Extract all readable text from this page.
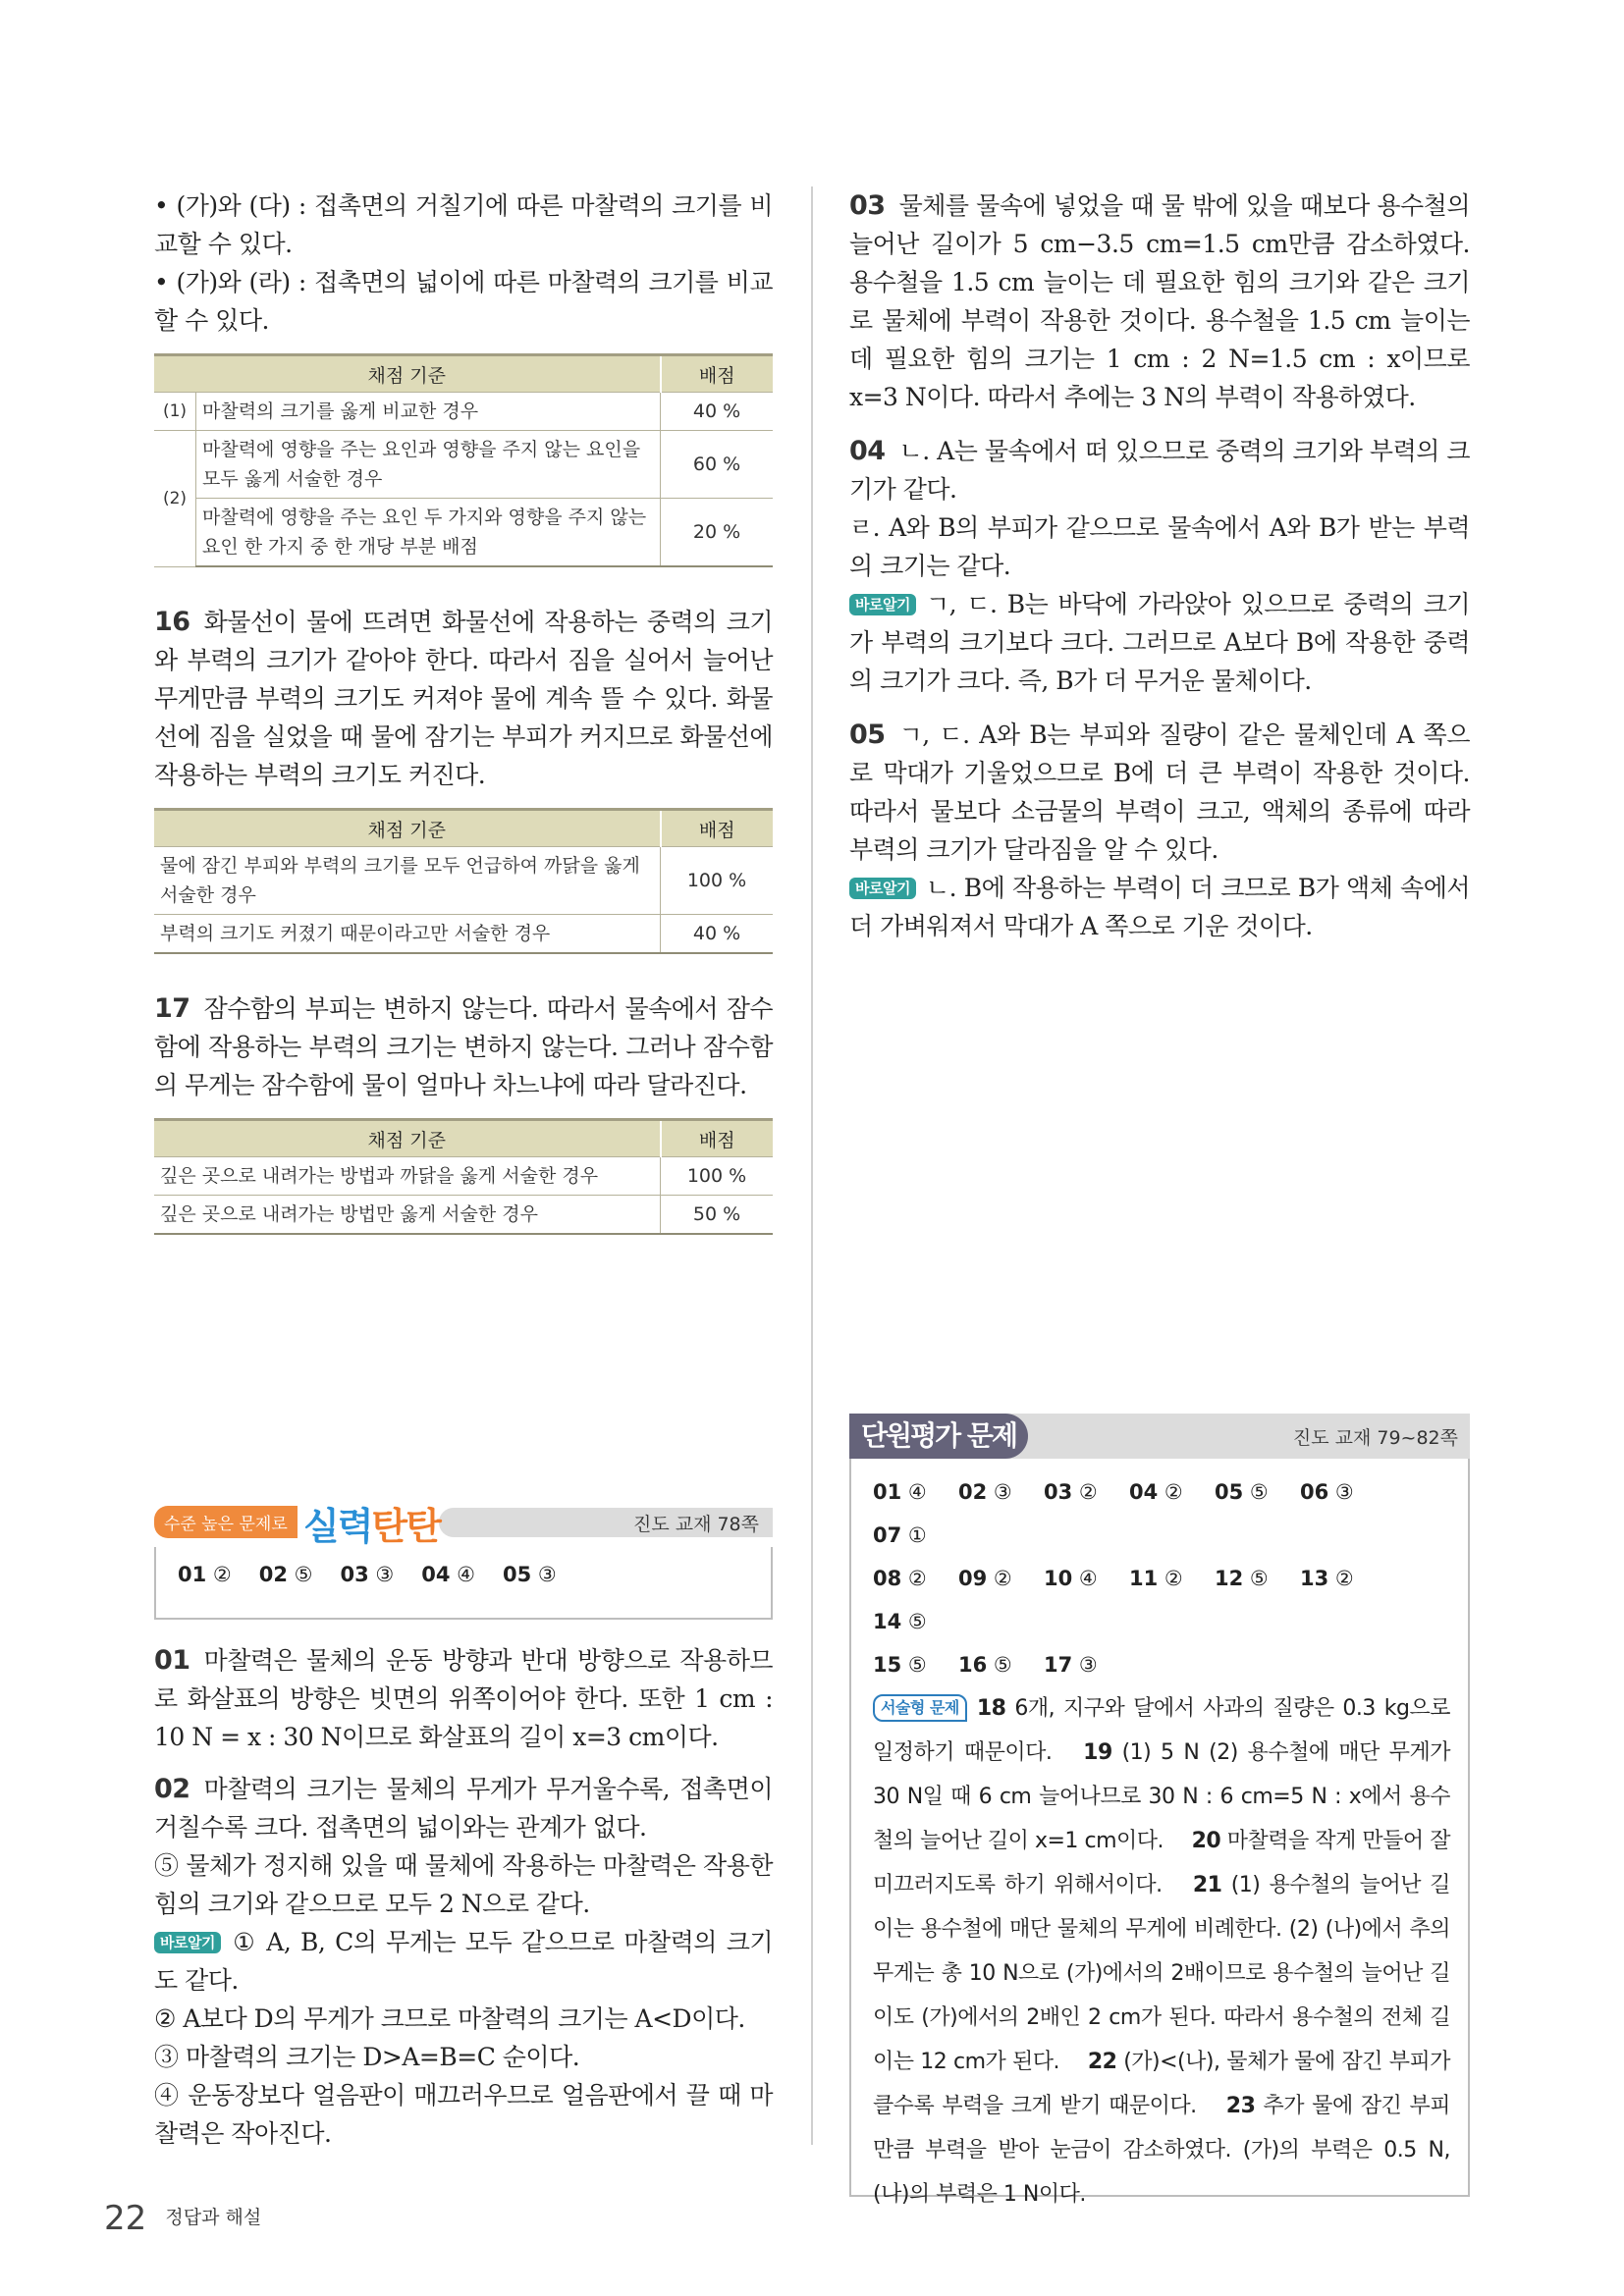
• (가)와 (다) : 접촉면의 거칠기에 따른 마찰력의 크기를 비교할 수 있다.

• (가)와 (라) : 접촉면의 넓이에 따른 마찰력의 크기를 비교할 수 있다.

채점 기준		배점
(1)	마찰력의 크기를 옳게 비교한 경우	40 %
(2)	마찰력에 영향을 주는 요인과 영향을 주지 않는 요인을 모두 옳게 서술한 경우	60 %
	마찰력에 영향을 주는 요인 두 가지와 영향을 주지 않는 요인 한 가지 중 한 개당 부분 배점	20 %

16 화물선이 물에 뜨려면 화물선에 작용하는 중력의 크기와 부력의 크기가 같아야 한다. 따라서 짐을 실어서 늘어난 무게만큼 부력의 크기도 커져야 물에 계속 뜰 수 있다. 화물선에 짐을 실었을 때 물에 잠기는 부피가 커지므로 화물선에 작용하는 부력의 크기도 커진다.

채점 기준	배점
물에 잠긴 부피와 부력의 크기를 모두 언급하여 까닭을 옳게 서술한 경우	100 %
부력의 크기도 커졌기 때문이라고만 서술한 경우	40 %

17 잠수함의 부피는 변하지 않는다. 따라서 물속에서 잠수함에 작용하는 부력의 크기는 변하지 않는다. 그러나 잠수함의 무게는 잠수함에 물이 얼마나 차느냐에 따라 달라진다.

채점 기준	배점
깊은 곳으로 내려가는 방법과 까닭을 옳게 서술한 경우	100 %
깊은 곳으로 내려가는 방법만 옳게 서술한 경우	50 %
수준 높은 문제로 실력탄탄	진도 교재 78쪽
01 ② 02 ⑤ 03 ③ 04 ④ 05 ③

01 마찰력은 물체의 운동 방향과 반대 방향으로 작용하므로 화살표의 방향은 빗면의 위쪽이어야 한다. 또한 1 cm : 10 N = x : 30 N이므로 화살표의 길이 x=3 cm이다.

02 마찰력의 크기는 물체의 무게가 무거울수록, 접촉면이 거칠수록 크다. 접촉면의 넓이와는 관계가 없다.

⑤ 물체가 정지해 있을 때 물체에 작용하는 마찰력은 작용한 힘의 크기와 같으므로 모두 2 N으로 같다.

바로알기 ① A, B, C의 무게는 모두 같으므로 마찰력의 크기도 같다.

② A보다 D의 무게가 크므로 마찰력의 크기는 A<D이다.

③ 마찰력의 크기는 D>A=B=C 순이다.

④ 운동장보다 얼음판이 매끄러우므로 얼음판에서 끌 때 마찰력은 작아진다.

03 물체를 물속에 넣었을 때 물 밖에 있을 때보다 용수철의 늘어난 길이가 5 cm−3.5 cm=1.5 cm만큼 감소하였다. 용수철을 1.5 cm 늘이는 데 필요한 힘의 크기와 같은 크기로 물체에 부력이 작용한 것이다. 용수철을 1.5 cm 늘이는 데 필요한 힘의 크기는 1 cm : 2 N=1.5 cm : x이므로 x=3 N이다. 따라서 추에는 3 N의 부력이 작용하였다.

04 ㄴ. A는 물속에서 떠 있으므로 중력의 크기와 부력의 크기가 같다.

ㄹ. A와 B의 부피가 같으므로 물속에서 A와 B가 받는 부력의 크기는 같다.

바로알기 ㄱ, ㄷ. B는 바닥에 가라앉아 있으므로 중력의 크기가 부력의 크기보다 크다. 그러므로 A보다 B에 작용한 중력의 크기가 크다. 즉, B가 더 무거운 물체이다.

05 ㄱ, ㄷ. A와 B는 부피와 질량이 같은 물체인데 A 쪽으로 막대가 기울었으므로 B에 더 큰 부력이 작용한 것이다. 따라서 물보다 소금물의 부력이 크고, 액체의 종류에 따라 부력의 크기가 달라짐을 알 수 있다.

바로알기 ㄴ. B에 작용하는 부력이 더 크므로 B가 액체 속에서 더 가벼워져서 막대가 A 쪽으로 기운 것이다.

단원평가 문제	진도 교재 79~82쪽
01 ④ 02 ③ 03 ② 04 ② 05 ⑤ 06 ③07 ①
08 ② 09 ② 10 ④ 11 ② 12 ⑤ 13 ②14 ⑤
15 ⑤ 16 ⑤ 17 ③
서술형 문제 18 6개, 지구와 달에서 사과의 질량은 0.3 kg으로 일정하기 때문이다. 19 (1) 5 N (2) 용수철에 매단 무게가 30 N일 때 6 cm 늘어나므로 30 N : 6 cm=5 N : x에서 용수철의 늘어난 길이 x=1 cm이다. 20 마찰력을 작게 만들어 잘 미끄러지도록 하기 위해서이다. 21 (1) 용수철의 늘어난 길이는 용수철에 매단 물체의 무게에 비례한다. (2) (나)에서 추의 무게는 총 10 N으로 (가)에서의 2배이므로 용수철의 늘어난 길이도 (가)에서의 2배인 2 cm가 된다. 따라서 용수철의 전체 길이는 12 cm가 된다. 22 (가)<(나), 물체가 물에 잠긴 부피가 클수록 부력을 크게 받기 때문이다. 23 추가 물에 잠긴 부피만큼 부력을 받아 눈금이 감소하였다. (가)의 부력은 0.5 N, (나)의 부력은 1 N이다.
22 정답과 해설
